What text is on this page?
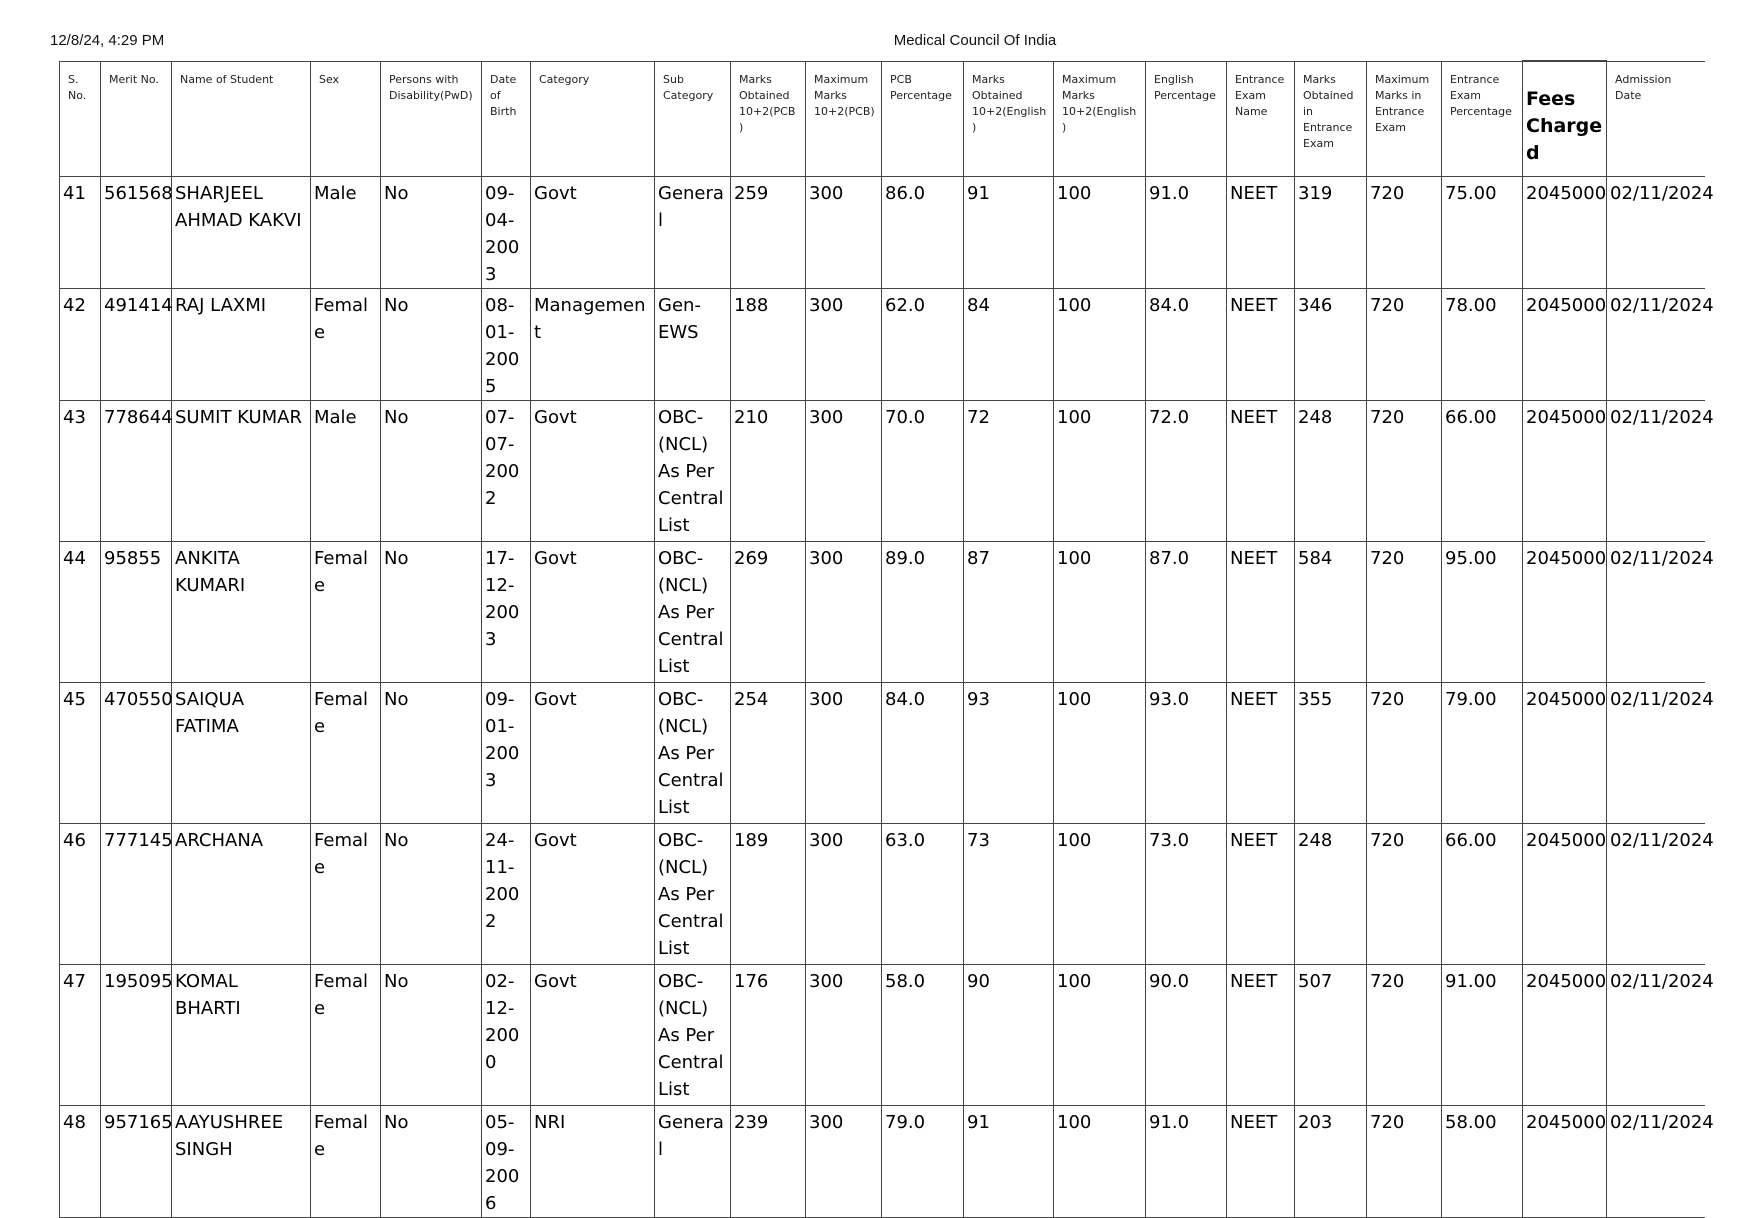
12/8/24, 4:29 PM	Medical Council Of India
S. No.	Merit No.	Name of Student	Sex	Persons with Disability(PwD)	Date of Birth	Category	Sub Category	Marks Obtained 10+2(PCB)	Maximum Marks 10+2(PCB)	PCB Percentage	Marks Obtained 10+2(English)	Maximum Marks 10+2(English)	English Percentage	Entrance Exam Name	Marks Obtained in Entrance Exam	Maximum Marks in Entrance Exam	Entrance Exam Percentage	Fees Charged	Admission Date
41	561568	SHARJEEL AHMAD KAKVI	Male	No	09-04-2003	Govt	General	259	300	86.0	91	100	91.0	NEET	319	720	75.00	2045000	02/11/2024
42	491414	RAJ LAXMI	Female	No	08-01-2005	Management	Gen-EWS	188	300	62.0	84	100	84.0	NEET	346	720	78.00	2045000	02/11/2024
43	778644	SUMIT KUMAR	Male	No	07-07-2002	Govt	OBC-(NCL) As Per Central List	210	300	70.0	72	100	72.0	NEET	248	720	66.00	2045000	02/11/2024
44	95855	ANKITA KUMARI	Female	No	17-12-2003	Govt	OBC-(NCL) As Per Central List	269	300	89.0	87	100	87.0	NEET	584	720	95.00	2045000	02/11/2024
45	470550	SAIQUA FATIMA	Female	No	09-01-2003	Govt	OBC-(NCL) As Per Central List	254	300	84.0	93	100	93.0	NEET	355	720	79.00	2045000	02/11/2024
46	777145	ARCHANA	Female	No	24-11-2002	Govt	OBC-(NCL) As Per Central List	189	300	63.0	73	100	73.0	NEET	248	720	66.00	2045000	02/11/2024
47	195095	KOMAL BHARTI	Female	No	02-12-2000	Govt	OBC-(NCL) As Per Central List	176	300	58.0	90	100	90.0	NEET	507	720	91.00	2045000	02/11/2024
48	957165	AAYUSHREE SINGH	Female	No	05-09-2006	NRI	General	239	300	79.0	91	100	91.0	NEET	203	720	58.00	2045000	02/11/2024
